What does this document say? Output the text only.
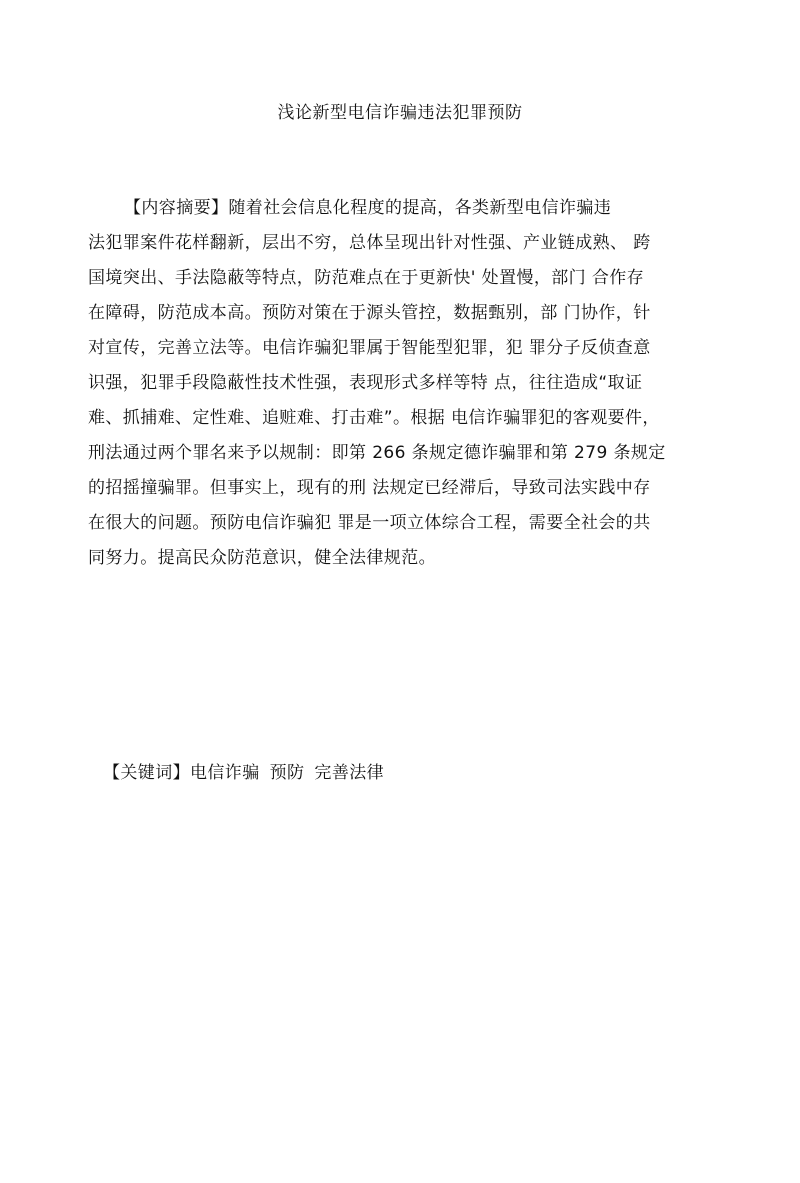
浅论新型电信诈骗违法犯罪预防
【内容摘要】随着社会信息化程度的提高，各类新型电信诈骗违
法犯罪案件花样翻新，层出不穷，总体呈现出针对性强、产业链成熟、 跨
国境突出、手法隐蔽等特点，防范难点在于更新快' 处置慢，部门 合作存
在障碍，防范成本高。预防对策在于源头管控，数据甄别，部 门协作，针
对宣传，完善立法等。电信诈骗犯罪属于智能型犯罪，犯 罪分子反侦查意
识强，犯罪手段隐蔽性技术性强，表现形式多样等特 点，往往造成“取证
难、抓捕难、定性难、追赃难、打击难”。根据 电信诈骗罪犯的客观要件，
刑法通过两个罪名来予以规制：即第 266 条规定德诈骗罪和第 279 条规定
的招摇撞骗罪。但事实上，现有的刑 法规定已经滞后，导致司法实践中存
在很大的问题。预防电信诈骗犯 罪是一项立体综合工程，需要全社会的共
同努力。提高民众防范意识，健全法律规范。
【关键词】电信诈骗 预防 完善法律
